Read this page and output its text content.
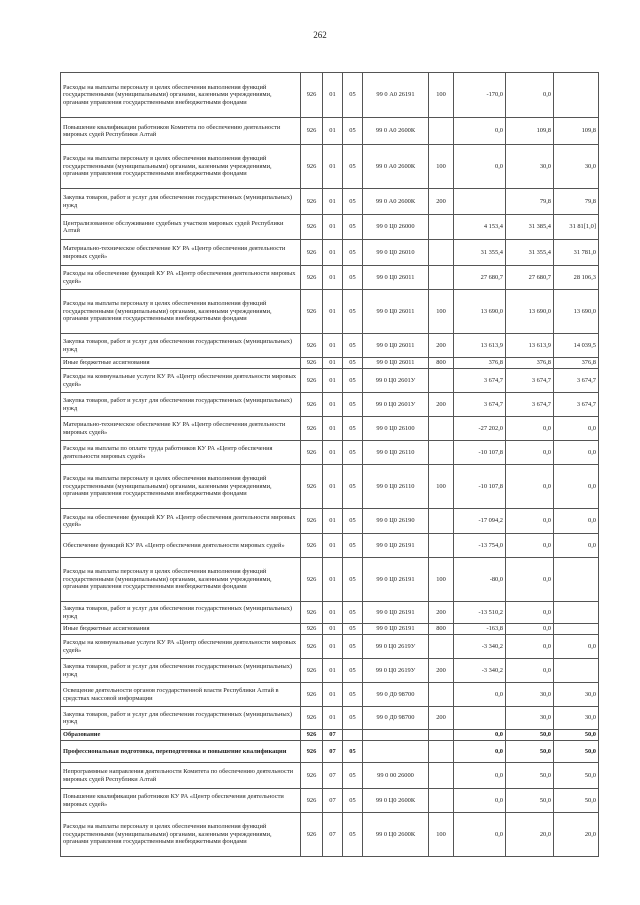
262
Расходы на выплаты персоналу в целях обеспечения выполнения функций государственными (муниципальными) органами, казенными учреждениями, органами управления государственными внебюджетными фондами	926	01	05	99 0 А0 26191	100	-170,0	0,0	
Повышение квалификации работников Комитета по обеспечению деятельности мировых судей Республики Алтай	926	01	05	99 0 А0 2600К		0,0	109,8	109,8
Расходы на выплаты персоналу в целях обеспечения выполнения функций государственными (муниципальными) органами, казенными учреждениями, органами управления государственными внебюджетными фондами	926	01	05	99 0 А0 2600К	100	0,0	30,0	30,0
Закупка товаров, работ и услуг для обеспечения государственных (муниципальных) нужд	926	01	05	99 0 А0 2600К	200		79,8	79,8
Централизованное обслуживание судебных участков мировых судей Республики Алтай	926	01	05	99 0 Ц0 26000		4 153,4	31 385,4	31 81[1,0]
Материально-техническое обеспечение КУ РА «Центр обеспечения деятельности мировых судей»	926	01	05	99 0 Ц0 26010		31 355,4	31 355,4	31 781,0
Расходы на обеспечение функций КУ РА «Центр обеспечения деятельности мировых судей»	926	01	05	99 0 Ц0 26011		27 680,7	27 680,7	28 106,3
Расходы на выплаты персоналу в целях обеспечения выполнения функций государственными (муниципальными) органами, казенными учреждениями, органами управления государственными внебюджетными фондами	926	01	05	99 0 Ц0 26011	100	13 690,0	13 690,0	13 690,0
Закупка товаров, работ и услуг для обеспечения государственных (муниципальных) нужд	926	01	05	99 0 Ц0 26011	200	13 613,9	13 613,9	14 039,5
Иные бюджетные ассигнования	926	01	05	99 0 Ц0 26011	800	376,8	376,8	376,8
Расходы на коммунальные услуги КУ РА «Центр обеспечения деятельности мировых судей»	926	01	05	99 0 Ц0 2601У		3 674,7	3 674,7	3 674,7
Закупка товаров, работ и услуг для обеспечения государственных (муниципальных) нужд	926	01	05	99 0 Ц0 2601У	200	3 674,7	3 674,7	3 674,7
Материально-техническое обеспечение КУ РА «Центр обеспечения деятельности мировых судей»	926	01	05	99 0 Ц0 26100		-27 202,0	0,0	0,0
Расходы на выплаты по оплате труда работников КУ РА «Центр обеспечения деятельности мировых судей»	926	01	05	99 0 Ц0 26110		-10 107,8	0,0	0,0
Расходы на выплаты персоналу в целях обеспечения выполнения функций государственными (муниципальными) органами, казенными учреждениями, органами управления государственными внебюджетными фондами	926	01	05	99 0 Ц0 26110	100	-10 107,8	0,0	0,0
Расходы на обеспечение функций КУ РА «Центр обеспечения деятельности мировых судей»	926	01	05	99 0 Ц0 26190		-17 094,2	0,0	0,0
Обеспечение функций КУ РА «Центр обеспечения деятельности мировых судей»	926	01	05	99 0 Ц0 26191		-13 754,0	0,0	0,0
Расходы на выплаты персоналу в целях обеспечения выполнения функций государственными (муниципальными) органами, казенными учреждениями, органами управления государственными внебюджетными фондами	926	01	05	99 0 Ц0 26191	100	-80,0	0,0	
Закупка товаров, работ и услуг для обеспечения государственных (муниципальных) нужд	926	01	05	99 0 Ц0 26191	200	-13 510,2	0,0	
Иные бюджетные ассигнования	926	01	05	99 0 Ц0 26191	800	-163,8	0,0	
Расходы на коммунальные услуги КУ РА «Центр обеспечения деятельности мировых судей»	926	01	05	99 0 Ц0 2619У		-3 340,2	0,0	0,0
Закупка товаров, работ и услуг для обеспечения государственных (муниципальных) нужд	926	01	05	99 0 Ц0 2619У	200	-3 340,2	0,0	
Освещение деятельности органов государственной власти Республики Алтай в средствах массовой информации	926	01	05	99 0 Д0 98700		0,0	30,0	30,0
Закупка товаров, работ и услуг для обеспечения государственных (муниципальных) нужд	926	01	05	99 0 Д0 98700	200		30,0	30,0
Образование	926	07				0,0	50,0	50,0
Профессиональная подготовка, переподготовка и повышение квалификации	926	07	05			0,0	50,0	50,0
Непрограммные направления деятельности Комитета по обеспечению деятельности мировых судей Республики Алтай	926	07	05	99 0 00 26000		0,0	50,0	50,0
Повышение квалификации работников КУ РА «Центр обеспечения деятельности мировых судей»	926	07	05	99 0 Ц0 2600К		0,0	50,0	50,0
Расходы на выплаты персоналу в целях обеспечения выполнения функций государственными (муниципальными) органами, казенными учреждениями, органами управления государственными внебюджетными фондами	926	07	05	99 0 Ц0 2600К	100	0,0	20,0	20,0
